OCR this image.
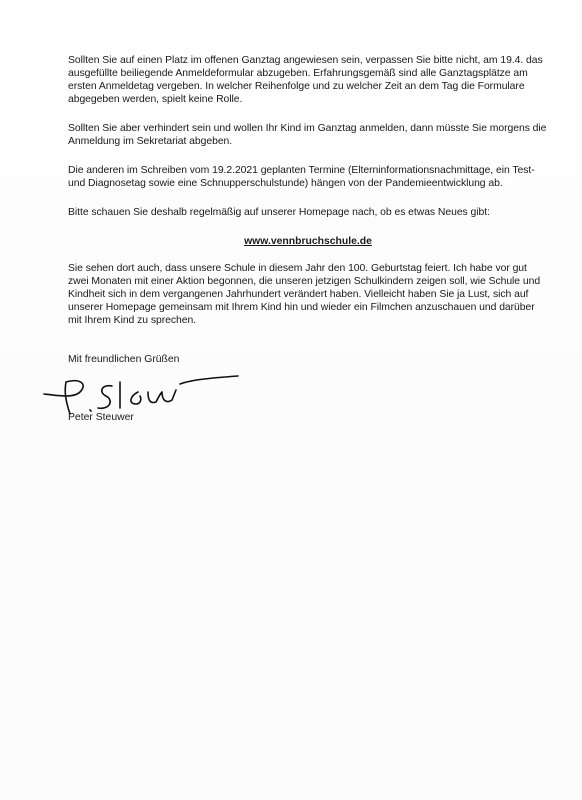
Sollten Sie auf einen Platz im offenen Ganztag angewiesen sein, verpassen Sie bitte nicht, am 19.4. das ausgefüllte beiliegende Anmeldeformular abzugeben. Erfahrungsgemäß sind alle Ganztagsplätze am ersten Anmeldetag vergeben. In welcher Reihenfolge und zu welcher Zeit an dem Tag die Formulare abgegeben werden, spielt keine Rolle.

Sollten Sie aber verhindert sein und wollen Ihr Kind im Ganztag anmelden, dann müsste Sie morgens die Anmeldung im Sekretariat abgeben.

Die anderen im Schreiben vom 19.2.2021 geplanten Termine (Elterninformationsnachmittage, ein Test- und Diagnosetag sowie eine Schnupperschulstunde) hängen von der Pandemieentwicklung ab.

Bitte schauen Sie deshalb regelmäßig auf unserer Homepage nach, ob es etwas Neues gibt:

www.vennbruchschule.de

Sie sehen dort auch, dass unsere Schule in diesem Jahr den 100. Geburtstag feiert. Ich habe vor gut zwei Monaten mit einer Aktion begonnen, die unseren jetzigen Schulkindern zeigen soll, wie Schule und Kindheit sich in dem vergangenen Jahrhundert verändert haben. Vielleicht haben Sie ja Lust, sich auf unserer Homepage gemeinsam mit Ihrem Kind hin und wieder ein Filmchen anzuschauen und darüber mit Ihrem Kind zu sprechen.

Mit freundlichen Grüßen

Peter Steuwer
